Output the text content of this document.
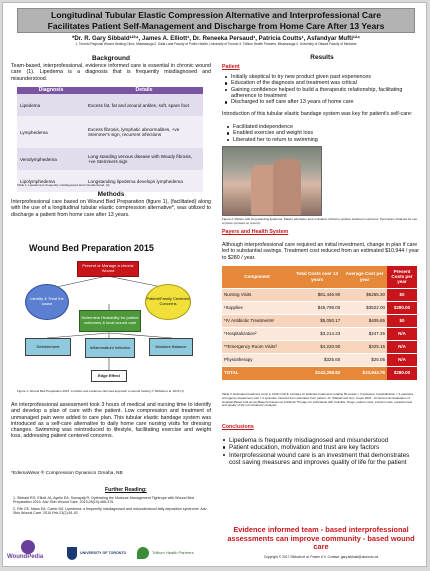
Longitudinal Tubular Elastic Compression Alternative and Interprofessional Care
Facilitates Patient Self-Management and Discharge from Home Care After 13 Years
*Dr. R. Gary Sibbald¹²³⁴, James A. Elliott¹, Dr. Reneeka Persaud¹, Patricia Coutts¹, Asfandyar Mufti¹²⁴
1. Toronto Regional Wound Healing Clinic, Mississauga 2. Dalla Lana Faculty of Public Health, University of Toronto 3. Trillium Health Partners, Mississauga 4. University of Ottawa Faculty of Medicine
Background
Team-based, interprofessional, evidence informed care is essential in chronic wound care (1). Lipedema is a diagnosis that is frequently misdiagnosed and misunderstood.
Diagnosis	Details
Lipedema	Excess fat, fat and around ankles, soft, spare foot
Lymphedema	Excess fibrosis, lymphatic abnormalities, +ve Stemmer's sign, recurrent infections
Venolymphedema	Long standing venous disease with Woody fibrosis, +ve Stemmers sign
Lipolymphedema	Longstanding lipedema develops lymphedema
Table 1: Lipedema is frequently misdiagnosed and misunderstood. (2)
Methods
Interprofessional care based on Wound Bed Preparation (figure 1), (facilitated) along with the use of a longitudinal tubular elastic compression alternative*, was utilized to discharge a patient from home care after 13 years.
Wound Bed Preparation 2015
Prevent or Manage a chronic Wound
Identify & Treat the cause
Patient/Family Centered Concerns
Determine Healability for patient outcomes & local wound care
Debridement	Inflammation/ Infection	Moisture Balance
Edge Effect
Figure 1: Wound Bed Preparation 2015, a holistic and evidence-informed approach to wound healing © Sibbald et al. 2015 (1)
An interprofessional assessment took 3 hours of medical and nursing time to identify and develop a plan of care with the patient. Low compression and treatment of unmanaged pain were added to care plan. This tubular elastic bandage system was introduced as a self-care alternative to daily home care nursing visits for dressing changes. Swimming was reintroduced to lifestyle, facilitating exercise and weight loss, addressing patient centered concerns.
*EdemaWear ® Compression Dynamics Omaha, NB
Further Reading:
1. Sibbald RG, Elliott JA, Ayello EA, Somayaji R. Optimizing the Moisture Management Tightrope with Wound Bed Preparation 2015. Adv Skin Wound Care. 2015;28(10):466-476.
2. Fife CE, Maus EA, Carter MJ. Lipedema: a frequently misdiagnosed and misunderstood fatty deposition syndrome. Adv Skin Wound Care. 2010 Feb;23(2):81-92
WoundPedia
UNIVERSITY OF TORONTO	Trillium Health Partners
Results
Patient
Initially skeptical to try new product given past experiences
Education of the diagnosis and treatment was critical
Gaining confidence helped to build a therapeutic relationship, facilitating adherence to treatment
Discharged to self care after 13 years of home care
Introduction of this tubular elastic bandage system was key for patient's self-care:
Facilitated independence
Enabled exercise and weight loss
Liberated her to return to swimming
Figure 2: Patient with long-standing lipedema. Patient education and motivation critical to positive treatment outcomes. Permission obtained for use of photo (consent on record).
Payers and Health System
Although interprofessional care required an initial investment, change in plan if care led to substantial savings. Treatment cost reduced from an estimated $10,944 / year to $280 / year.
Component	Total Costs over 13 years	Average Cost per year	Present Costs per year
Nursing Visits	$81,446.90	$6265.30	$0
¹Supplies	$45,799.00	$3522.00	$280.00
*IV Antibiotic Treatments¹	$5,050.17	$405.85	$0
*Hospitalization²	$3,214.23	$247.25	N/A
**Emergency Room Visits³	$4,220.90	$325.15	N/A
Physiotherapy	$325.60	$25.05	N/A
TOTAL	$142,268.82	$10,943.76	$280.00
Table 2: Estimated treatment costs in 2016 CAD $. Includes IV antibiotic treatments totaling 80 weeks × 3 episodes; hospitalization × 3 episodes, emergency department visit × 3 episodes. Derived from estimates from patient, Dr. Sibbald and Hon. Coyte 2001 - An Economic Evaluation of Hospital-Based and Home-Based Intravenous Antibiotic Therapy for Individuals with Cellulitis. Drugs, patient costs, indirect costs, societal costs and quality of life not included in analysis.
Conclusions
Lipedema is frequently misdiagnosed and misunderstood
Patient education, motivation and trust are key factors
Interprofessional wound care is an investment that demonstrates cost saving measures and improves quality of life for the patient
Evidence informed team - based interprofessional assessments can improve community - based wound care
Copyright © 2017 Sibbald et al. Poster # X. Contact: gary.sibbald@utoronto.ca
